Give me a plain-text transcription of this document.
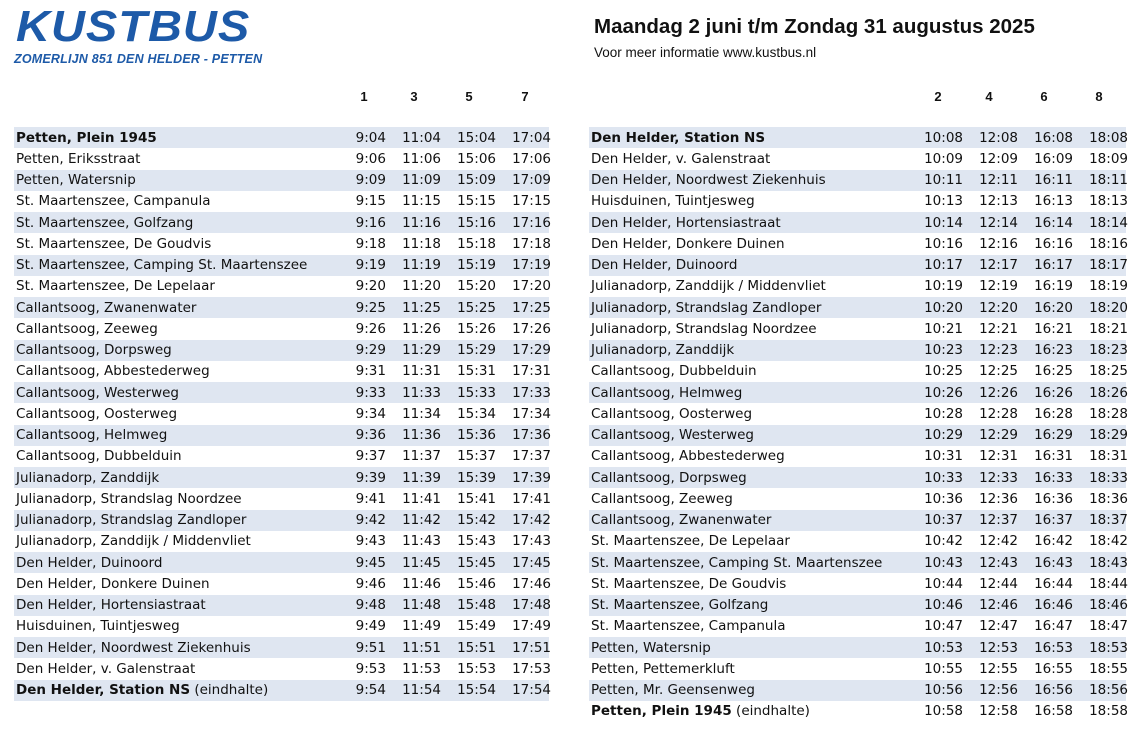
KUSTBUS
ZOMERLIJN 851 DEN HELDER - PETTEN
Maandag 2 juni t/m Zondag 31 augustus 2025
Voor meer informatie www.kustbus.nl
1	3	5	7	2	4	6	8
Petten, Plein 1945	9:04	11:04	15:04	17:04
Petten, Eriksstraat	9:06	11:06	15:06	17:06
Petten, Watersnip	9:09	11:09	15:09	17:09
St. Maartenszee, Campanula	9:15	11:15	15:15	17:15
St. Maartenszee, Golfzang	9:16	11:16	15:16	17:16
St. Maartenszee, De Goudvis	9:18	11:18	15:18	17:18
St. Maartenszee, Camping St. Maartenszee	9:19	11:19	15:19	17:19
St. Maartenszee, De Lepelaar	9:20	11:20	15:20	17:20
Callantsoog, Zwanenwater	9:25	11:25	15:25	17:25
Callantsoog, Zeeweg	9:26	11:26	15:26	17:26
Callantsoog, Dorpsweg	9:29	11:29	15:29	17:29
Callantsoog, Abbestederweg	9:31	11:31	15:31	17:31
Callantsoog, Westerweg	9:33	11:33	15:33	17:33
Callantsoog, Oosterweg	9:34	11:34	15:34	17:34
Callantsoog, Helmweg	9:36	11:36	15:36	17:36
Callantsoog, Dubbelduin	9:37	11:37	15:37	17:37
Julianadorp, Zanddijk	9:39	11:39	15:39	17:39
Julianadorp, Strandslag Noordzee	9:41	11:41	15:41	17:41
Julianadorp, Strandslag Zandloper	9:42	11:42	15:42	17:42
Julianadorp, Zanddijk / Middenvliet	9:43	11:43	15:43	17:43
Den Helder, Duinoord	9:45	11:45	15:45	17:45
Den Helder, Donkere Duinen	9:46	11:46	15:46	17:46
Den Helder, Hortensiastraat	9:48	11:48	15:48	17:48
Huisduinen, Tuintjesweg	9:49	11:49	15:49	17:49
Den Helder, Noordwest Ziekenhuis	9:51	11:51	15:51	17:51
Den Helder, v. Galenstraat	9:53	11:53	15:53	17:53
Den Helder, Station NS (eindhalte)	9:54	11:54	15:54	17:54
Den Helder, Station NS	10:08	12:08	16:08	18:08
Den Helder, v. Galenstraat	10:09	12:09	16:09	18:09
Den Helder, Noordwest Ziekenhuis	10:11	12:11	16:11	18:11
Huisduinen, Tuintjesweg	10:13	12:13	16:13	18:13
Den Helder, Hortensiastraat	10:14	12:14	16:14	18:14
Den Helder, Donkere Duinen	10:16	12:16	16:16	18:16
Den Helder, Duinoord	10:17	12:17	16:17	18:17
Julianadorp, Zanddijk / Middenvliet	10:19	12:19	16:19	18:19
Julianadorp, Strandslag Zandloper	10:20	12:20	16:20	18:20
Julianadorp, Strandslag Noordzee	10:21	12:21	16:21	18:21
Julianadorp, Zanddijk	10:23	12:23	16:23	18:23
Callantsoog, Dubbelduin	10:25	12:25	16:25	18:25
Callantsoog, Helmweg	10:26	12:26	16:26	18:26
Callantsoog, Oosterweg	10:28	12:28	16:28	18:28
Callantsoog, Westerweg	10:29	12:29	16:29	18:29
Callantsoog, Abbestederweg	10:31	12:31	16:31	18:31
Callantsoog, Dorpsweg	10:33	12:33	16:33	18:33
Callantsoog, Zeeweg	10:36	12:36	16:36	18:36
Callantsoog, Zwanenwater	10:37	12:37	16:37	18:37
St. Maartenszee, De Lepelaar	10:42	12:42	16:42	18:42
St. Maartenszee, Camping St. Maartenszee	10:43	12:43	16:43	18:43
St. Maartenszee, De Goudvis	10:44	12:44	16:44	18:44
St. Maartenszee, Golfzang	10:46	12:46	16:46	18:46
St. Maartenszee, Campanula	10:47	12:47	16:47	18:47
Petten, Watersnip	10:53	12:53	16:53	18:53
Petten, Pettemerkluft	10:55	12:55	16:55	18:55
Petten, Mr. Geensenweg	10:56	12:56	16:56	18:56
Petten, Plein 1945 (eindhalte)	10:58	12:58	16:58	18:58
